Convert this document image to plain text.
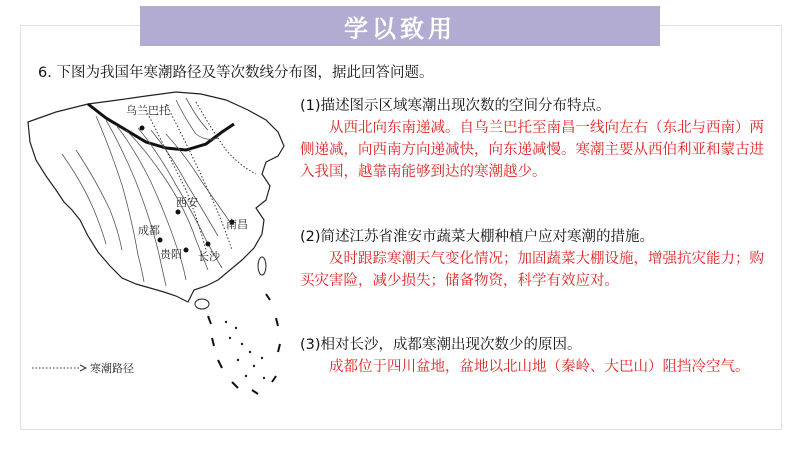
学以致用
6. 下图为我国年寒潮路径及等次数线分布图，据此回答问题。
乌兰巴托
西安
南昌
成都
贵阳 长沙
寒潮路径
(1)描述图示区域寒潮出现次数的空间分布特点。
从西北向东南递减。自乌兰巴托至南昌一线向左右（东北与西南）两侧递减，向西南方向递减快，向东递减慢。寒潮主要从西伯利亚和蒙古进入我国，越靠南能够到达的寒潮越少。
(2)简述江苏省淮安市蔬菜大棚种植户应对寒潮的措施。
及时跟踪寒潮天气变化情况；加固蔬菜大棚设施，增强抗灾能力；购买灾害险，减少损失；储备物资，科学有效应对。
(3)相对长沙，成都寒潮出现次数少的原因。
成都位于四川盆地，盆地以北山地（秦岭、大巴山）阻挡冷空气。
